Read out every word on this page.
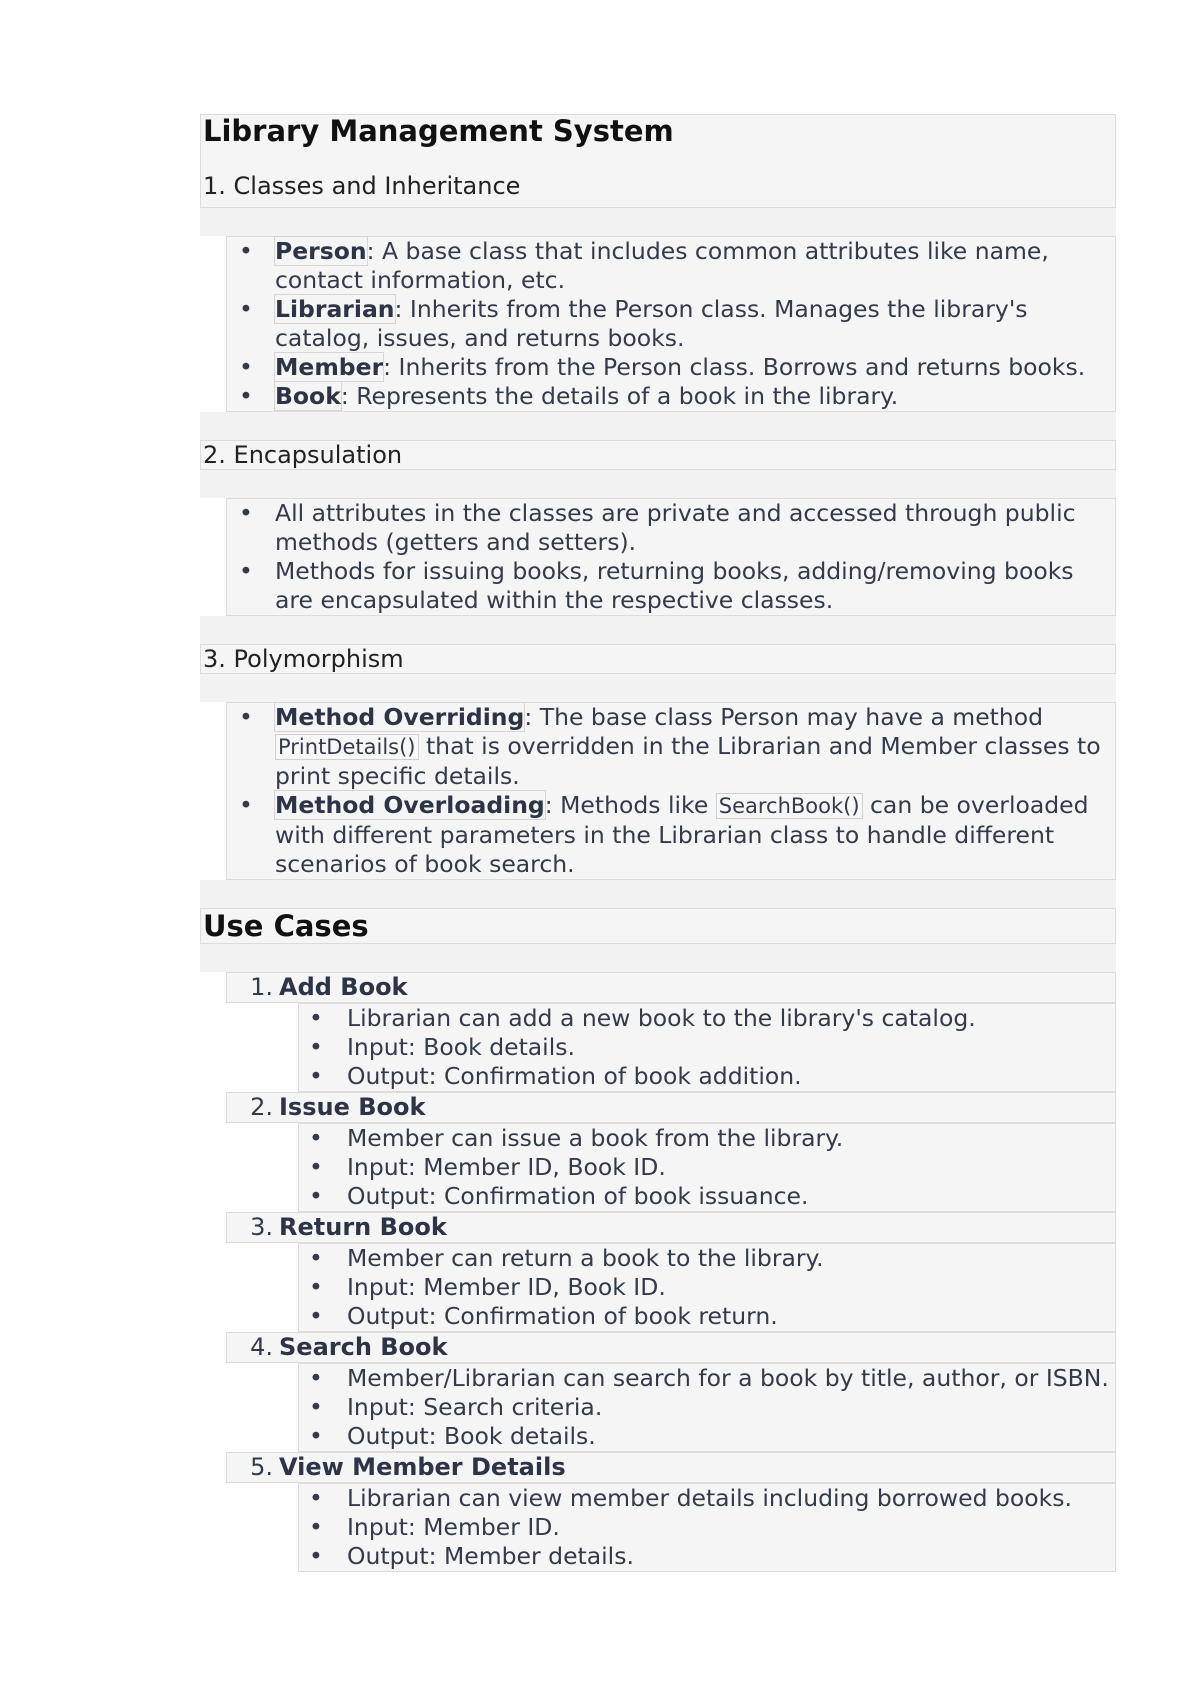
Library Management System
1. Classes and Inheritance
• Person: A base class that includes common attributes like name, contact information, etc.
• Librarian: Inherits from the Person class. Manages the library's catalog, issues, and returns books.
• Member: Inherits from the Person class. Borrows and returns books.
• Book: Represents the details of a book in the library.
2. Encapsulation
• All attributes in the classes are private and accessed through public methods (getters and setters).
• Methods for issuing books, returning books, adding/removing books are encapsulated within the respective classes.
3. Polymorphism
• Method Overriding: The base class Person may have a method PrintDetails() that is overridden in the Librarian and Member classes to print specific details.
• Method Overloading: Methods like SearchBook() can be overloaded with different parameters in the Librarian class to handle different scenarios of book search.
Use Cases
1. Add Book
• Librarian can add a new book to the library's catalog.
• Input: Book details.
• Output: Confirmation of book addition.
2. Issue Book
• Member can issue a book from the library.
• Input: Member ID, Book ID.
• Output: Confirmation of book issuance.
3. Return Book
• Member can return a book to the library.
• Input: Member ID, Book ID.
• Output: Confirmation of book return.
4. Search Book
• Member/Librarian can search for a book by title, author, or ISBN.
• Input: Search criteria.
• Output: Book details.
5. View Member Details
• Librarian can view member details including borrowed books.
• Input: Member ID.
• Output: Member details.
